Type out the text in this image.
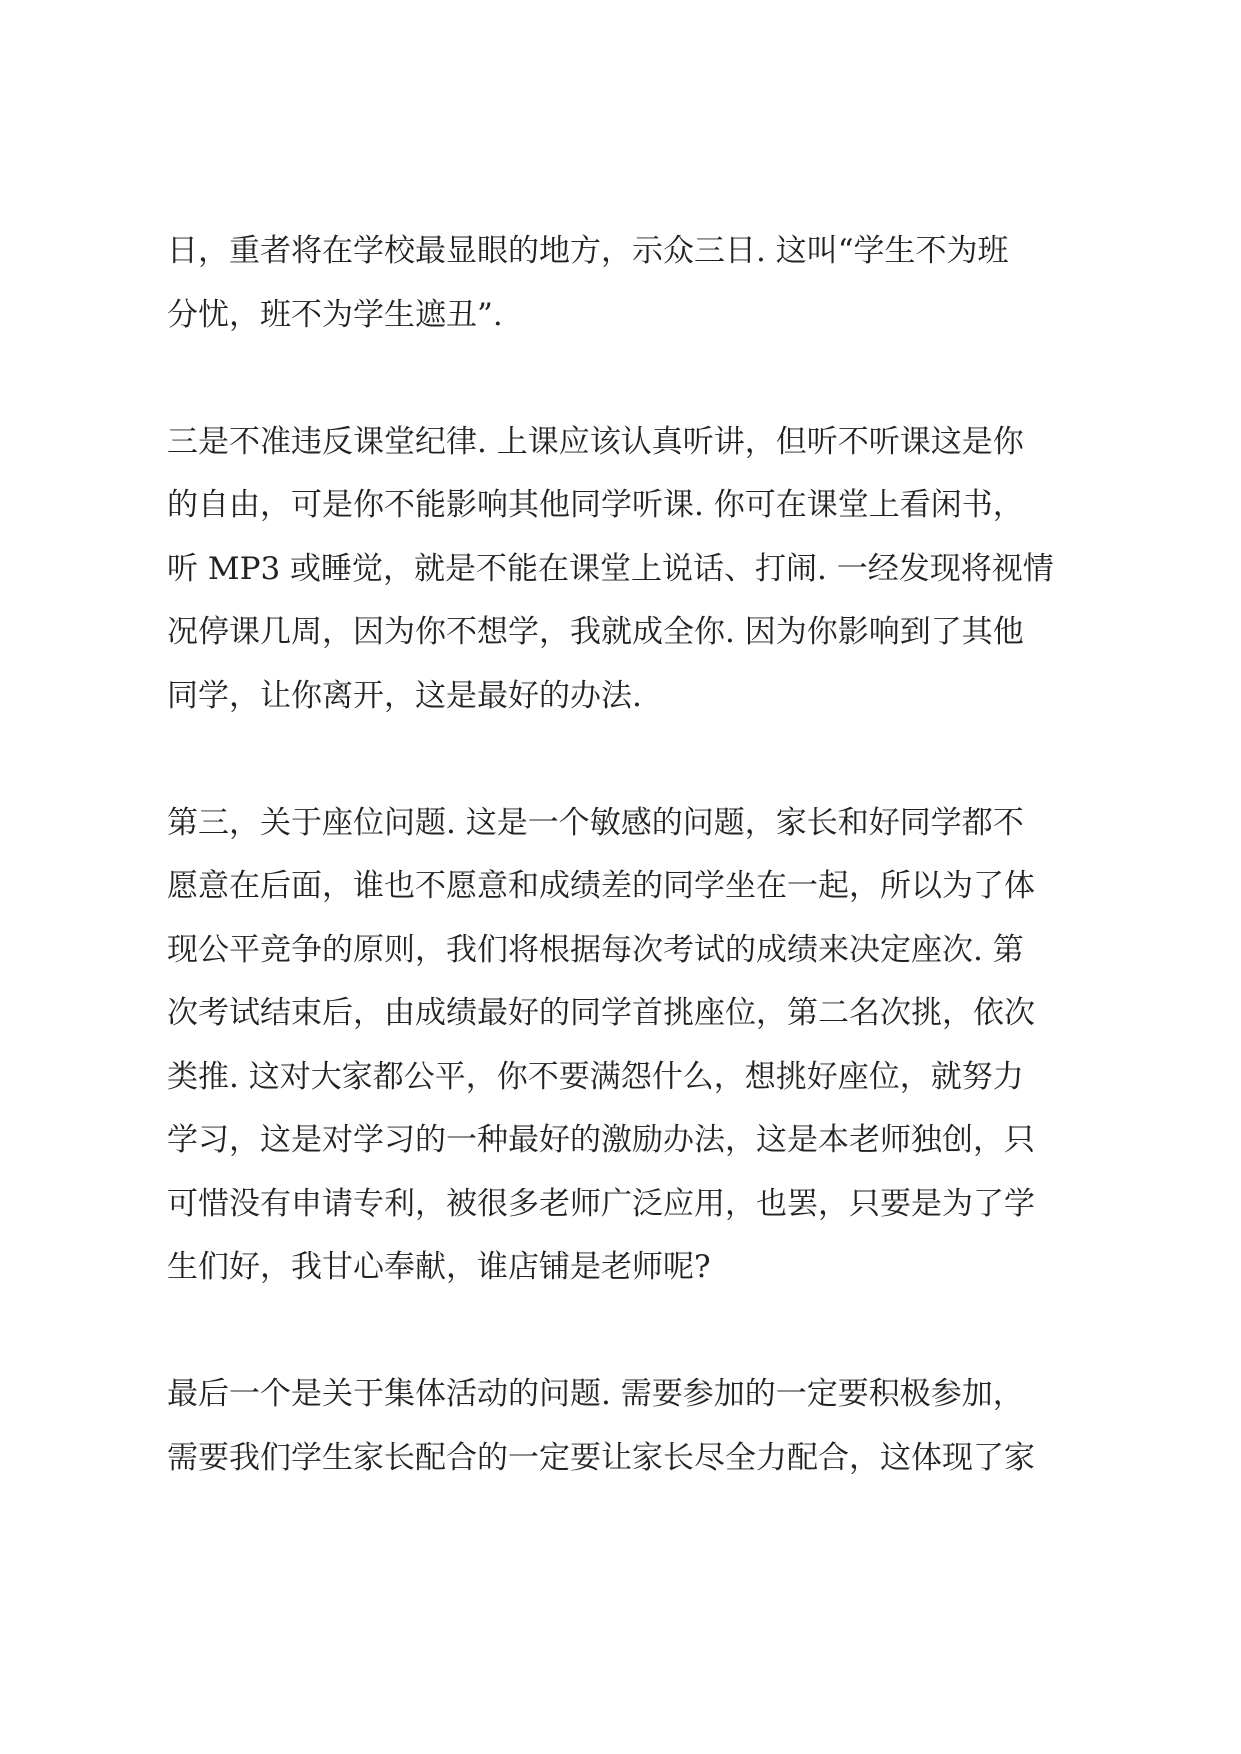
日，重者将在学校最显眼的地方，示众三日. 这叫“学生不为班
分忧，班不为学生遮丑”.
三是不准违反课堂纪律. 上课应该认真听讲，但听不听课这是你
的自由，可是你不能影响其他同学听课. 你可在课堂上看闲书，
听 MP3 或睡觉，就是不能在课堂上说话、打闹. 一经发现将视情
况停课几周，因为你不想学，我就成全你. 因为你影响到了其他
同学，让你离开，这是最好的办法.
第三，关于座位问题. 这是一个敏感的问题，家长和好同学都不
愿意在后面，谁也不愿意和成绩差的同学坐在一起，所以为了体
现公平竞争的原则，我们将根据每次考试的成绩来决定座次. 第
次考试结束后，由成绩最好的同学首挑座位，第二名次挑，依次
类推. 这对大家都公平，你不要满怨什么，想挑好座位，就努力
学习，这是对学习的一种最好的激励办法，这是本老师独创，只
可惜没有申请专利，被很多老师广泛应用，也罢，只要是为了学
生们好，我甘心奉献，谁店铺是老师呢?
最后一个是关于集体活动的问题. 需要参加的一定要积极参加，
需要我们学生家长配合的一定要让家长尽全力配合，这体现了家
